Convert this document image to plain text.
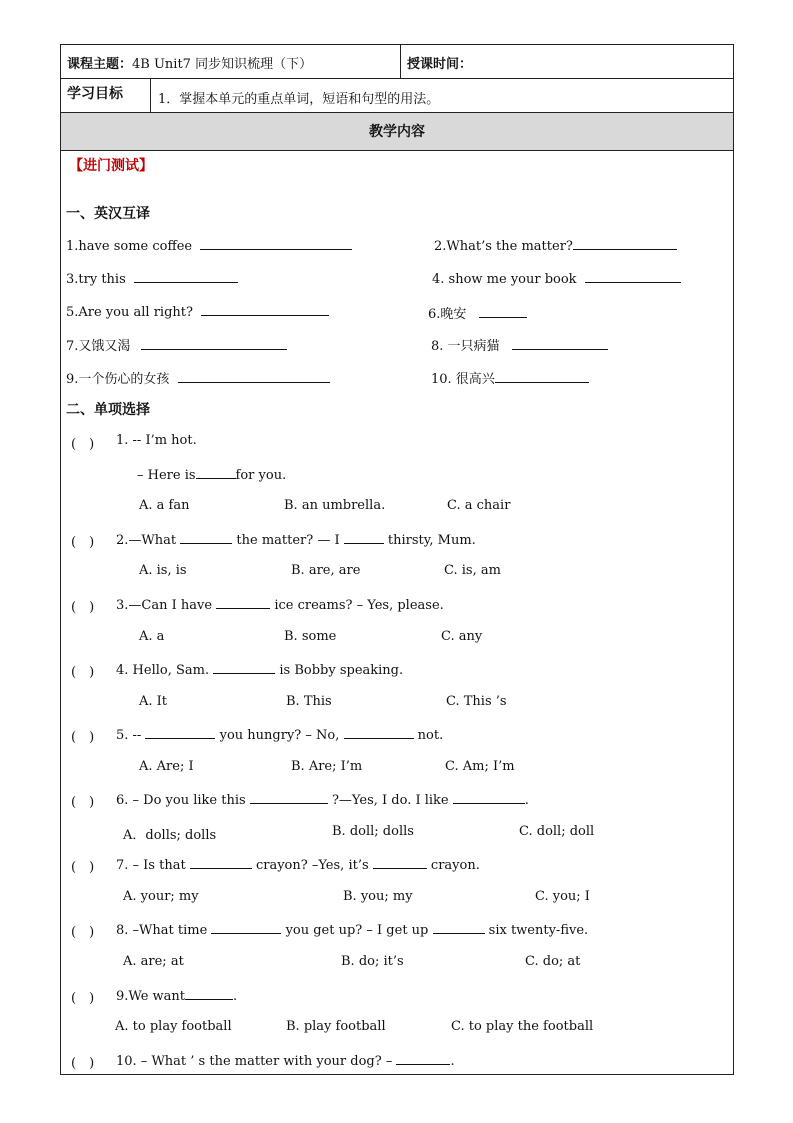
课程主题：4B Unit7 同步知识梳理（下）	授课时间：
学习目标	1．掌握本单元的重点单词，短语和句型的用法。
教学内容
【进门测试】
一、英汉互译
1.have some coffee	2.What’s the matter?
3.try this	4. show me your book
5.Are you all right?	6.晚安
7.又饿又渴	8. 一只病猫
9.一个伤心的女孩	10. 很高兴
二、单项选择
(　) 1. -- I’m hot.
– Here is	for you.
A. a fan	B. an umbrella.	C. a chair
(　) 2.—What	the matter? — I	thirsty, Mum.
A. is, is	B. are, are	C. is, am
(　) 3.—Can I have	ice creams? – Yes, please.
A. a	B. some	C. any
(　) 4. Hello, Sam.	is Bobby speaking.
A. It	B. This	C. This ’s
(　) 5. --	you hungry? – No,	not.
A. Are; I	B. Are; I’m	C. Am; I’m
(　) 6. – Do you like this	?—Yes, I do. I like	.
A．dolls; dolls	B. doll; dolls	C. doll; doll
(　) 7. – Is that	crayon? –Yes, it’s	crayon.
A. your; my	B. you; my	C. you; I
(　) 8. –What time	you get up? – I get up	six twenty-five.
A. are; at	B. do; it’s	C. do; at
(　) 9.We want	.
A. to play football	B. play football	C. to play the football
(　) 10. – What ’ s the matter with your dog? –	.
